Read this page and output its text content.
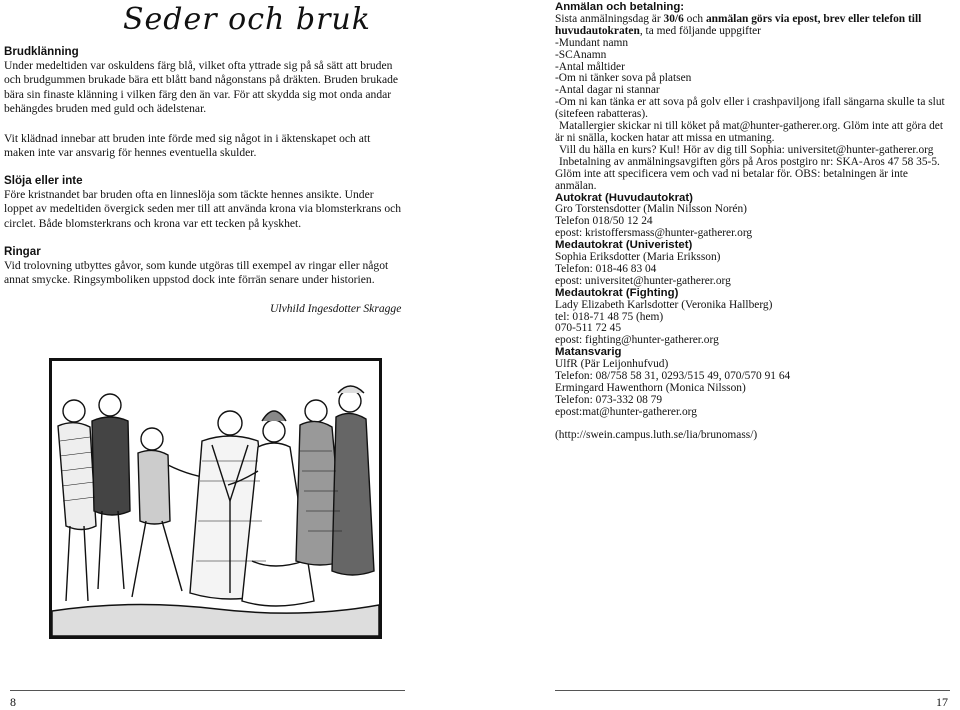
Seder och bruk

Brudklänning

Under medeltiden var oskuldens färg blå, vilket ofta yttrade sig på så sätt att bruden

och brudgummen brukade bära ett blått band någonstans på dräkten. Bruden brukade

bära sin finaste klänning i vilken färg den än var. För att skydda sig mot onda andar

behängdes bruden med guld och ädelstenar.

Vit klädnad innebar att bruden inte förde med sig något in i äktenskapet och att

maken inte var ansvarig för hennes eventuella skulder.

Slöja eller inte

Före kristnandet bar bruden ofta en linneslöja som täckte hennes ansikte. Under

loppet av medeltiden övergick seden mer till att använda krona via blomsterkrans och

circlet. Både blomsterkrans och krona var ett tecken på kyskhet.

Ringar

Vid trolovning utbyttes gåvor, som kunde utgöras till exempel av ringar eller något

annat smycke. Ringsymboliken uppstod dock inte förrän senare under historien.

Ulvhild Ingesdotter Skragge
8
Anmälan och betalning:
Sista anmälningsdag är 30/6 och anmälan görs via epost, brev eller telefon till
huvudautokraten, ta med följande uppgifter
-Mundant namn
-SCAnamn
-Antal måltider
-Om ni tänker sova på platsen
-Antal dagar ni stannar
-Om ni kan tänka er att sova på golv eller i crashpaviljong ifall sängarna skulle ta slut
(sitefeen rabatteras).
Matallergier skickar ni till köket på mat@hunter-gatherer.org. Glöm inte att göra det
är ni snälla, kocken hatar att missa en utmaning.
Vill du hälla en kurs? Kul! Hör av dig till Sophia: universitet@hunter-gatherer.org
Inbetalning av anmälningsavgiften görs på Aros postgiro nr: SKA-Aros 47 58 35-5.
Glöm inte att specificera vem och vad ni betalar för. OBS: betalningen är inte
anmälan.
Autokrat (Huvudautokrat)
Gro Torstensdotter (Malin Nilsson Norén)
Telefon 018/50 12 24
epost: kristoffersmass@hunter-gatherer.org
Medautokrat (Univeristet)
Sophia Eriksdotter (Maria Eriksson)
Telefon: 018-46 83 04
epost: universitet@hunter-gatherer.org
Medautokrat (Fighting)
Lady Elizabeth Karlsdotter (Veronika Hallberg)
tel: 018-71 48 75 (hem)
070-511 72 45
epost: fighting@hunter-gatherer.org
Matansvarig
UlfR (Pär Leijonhufvud)
Telefon: 08/758 58 31, 0293/515 49, 070/570 91 64
Ermingard Hawenthorn (Monica Nilsson)
Telefon: 073-332 08 79
epost:mat@hunter-gatherer.org
(http://swein.campus.luth.se/lia/brunomass/)
17
